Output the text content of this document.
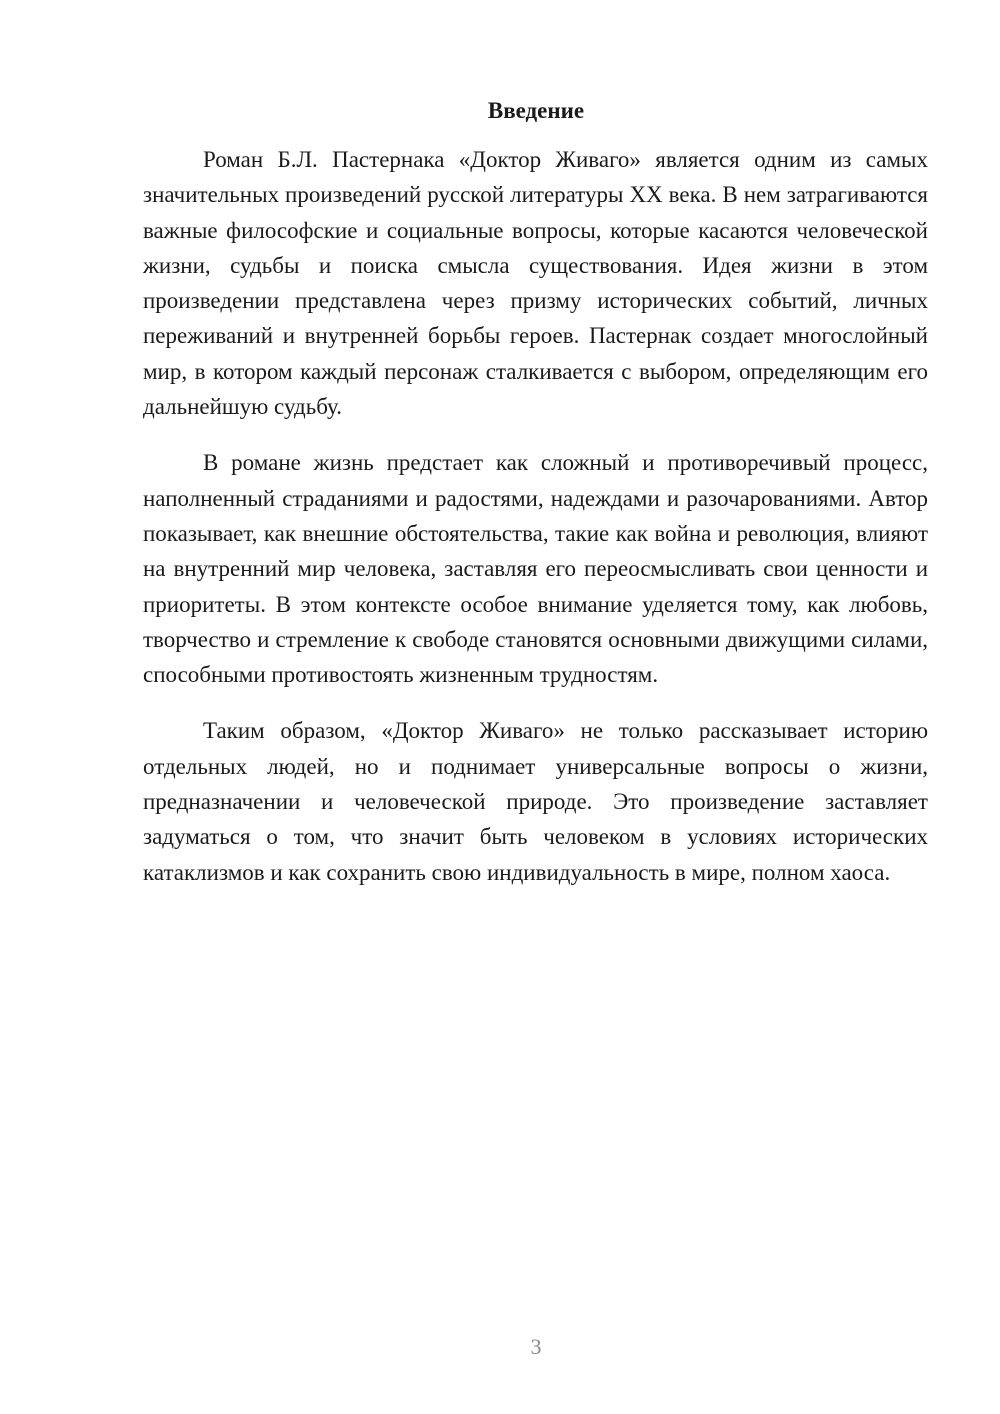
Введение

Роман Б.Л. Пастернака «Доктор Живаго» является одним из самых значительных произведений русской литературы XX века. В нем затрагиваются важные философские и социальные вопросы, которые касаются человеческой жизни, судьбы и поиска смысла существования. Идея жизни в этом произведении представлена через призму исторических событий, личных переживаний и внутренней борьбы героев. Пастернак создает многослойный мир, в котором каждый персонаж сталкивается с выбором, определяющим его дальнейшую судьбу.

В романе жизнь предстает как сложный и противоречивый процесс, наполненный страданиями и радостями, надеждами и разочарованиями. Автор показывает, как внешние обстоятельства, такие как война и революция, влияют на внутренний мир человека, заставляя его переосмысливать свои ценности и приоритеты. В этом контексте особое внимание уделяется тому, как любовь, творчество и стремление к свободе становятся основными движущими силами, способными противостоять жизненным трудностям.

Таким образом, «Доктор Живаго» не только рассказывает историю отдельных людей, но и поднимает универсальные вопросы о жизни, предназначении и человеческой природе. Это произведение заставляет задуматься о том, что значит быть человеком в условиях исторических катаклизмов и как сохранить свою индивидуальность в мире, полном хаоса.

3
